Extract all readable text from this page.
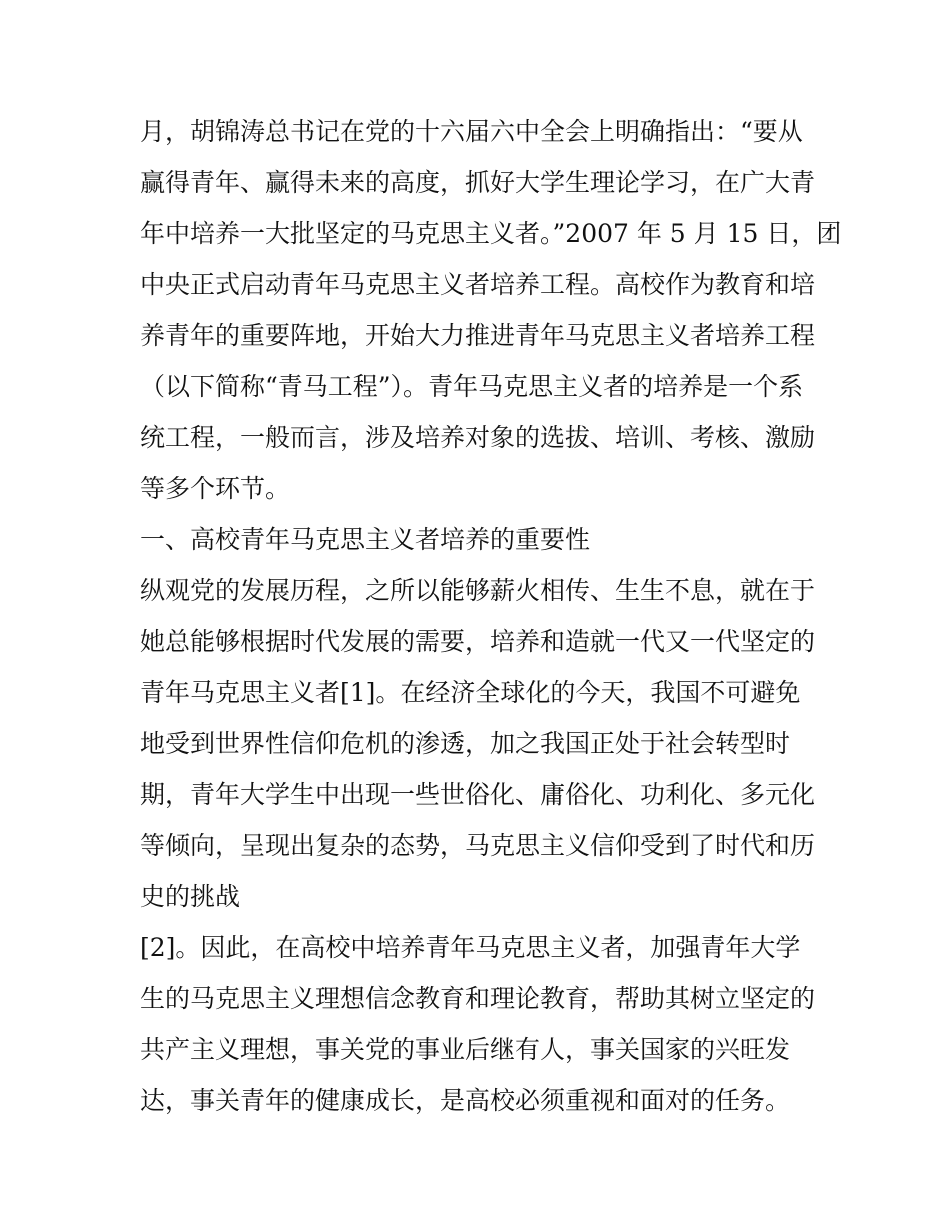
月，胡锦涛总书记在党的十六届六中全会上明确指出：“要从
赢得青年、赢得未来的高度，抓好大学生理论学习，在广大青
年中培养一大批坚定的马克思主义者。”2007 年 5 月 15 日，团
中央正式启动青年马克思主义者培养工程。高校作为教育和培
养青年的重要阵地，开始大力推进青年马克思主义者培养工程
（以下简称“青马工程”）。青年马克思主义者的培养是一个系
统工程，一般而言，涉及培养对象的选拔、培训、考核、激励
等多个环节。
一、高校青年马克思主义者培养的重要性
纵观党的发展历程，之所以能够薪火相传、生生不息，就在于
她总能够根据时代发展的需要，培养和造就一代又一代坚定的
青年马克思主义者[1]。在经济全球化的今天，我国不可避免
地受到世界性信仰危机的渗透，加之我国正处于社会转型时
期，青年大学生中出现一些世俗化、庸俗化、功利化、多元化
等倾向，呈现出复杂的态势，马克思主义信仰受到了时代和历
史的挑战
[2]。因此，在高校中培养青年马克思主义者，加强青年大学
生的马克思主义理想信念教育和理论教育，帮助其树立坚定的
共产主义理想，事关党的事业后继有人，事关国家的兴旺发
达，事关青年的健康成长，是高校必须重视和面对的任务。
